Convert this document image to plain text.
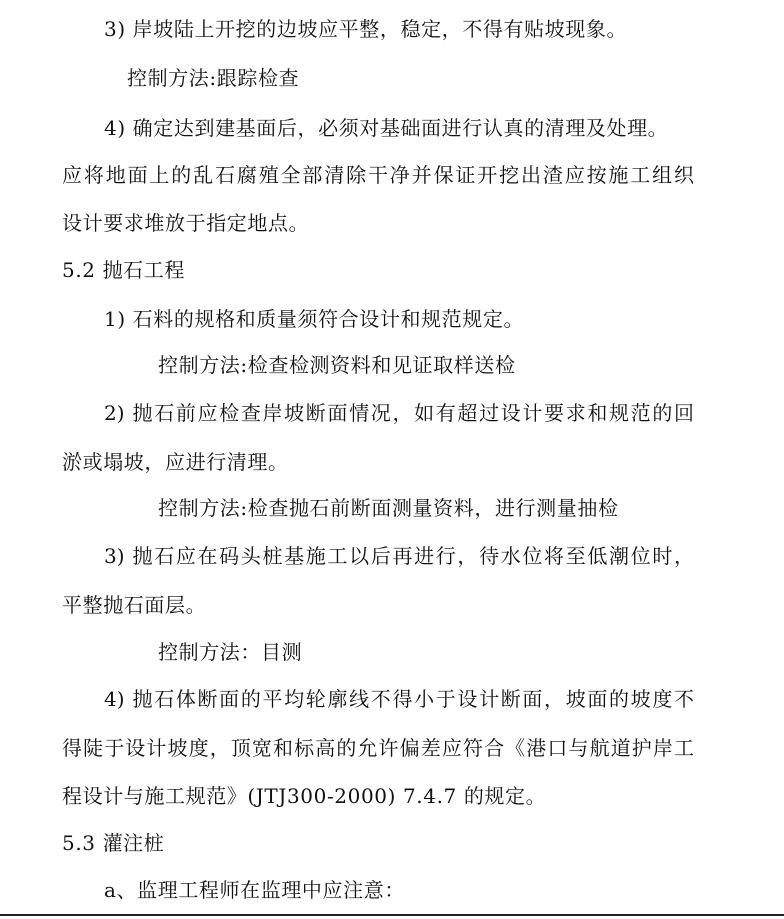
3) 岸坡陆上开挖的边坡应平整，稳定，不得有贴坡现象。
控制方法:跟踪检查
4) 确定达到建基面后，必须对基础面进行认真的清理及处理。
应将地面上的乱石腐殖全部清除干净并保证开挖出渣应按施工组织
设计要求堆放于指定地点。
5.2 抛石工程
1) 石料的规格和质量须符合设计和规范规定。
控制方法:检查检测资料和见证取样送检
2) 抛石前应检查岸坡断面情况，如有超过设计要求和规范的回
淤或塌坡，应进行清理。
控制方法:检查抛石前断面测量资料，进行测量抽检
3) 抛石应在码头桩基施工以后再进行，待水位将至低潮位时，
平整抛石面层。
控制方法：目测
4) 抛石体断面的平均轮廓线不得小于设计断面，坡面的坡度不
得陡于设计坡度，顶宽和标高的允许偏差应符合《港口与航道护岸工
程设计与施工规范》(JTJ300-2000) 7.4.7 的规定。
5.3 灌注桩
a、监理工程师在监理中应注意：
